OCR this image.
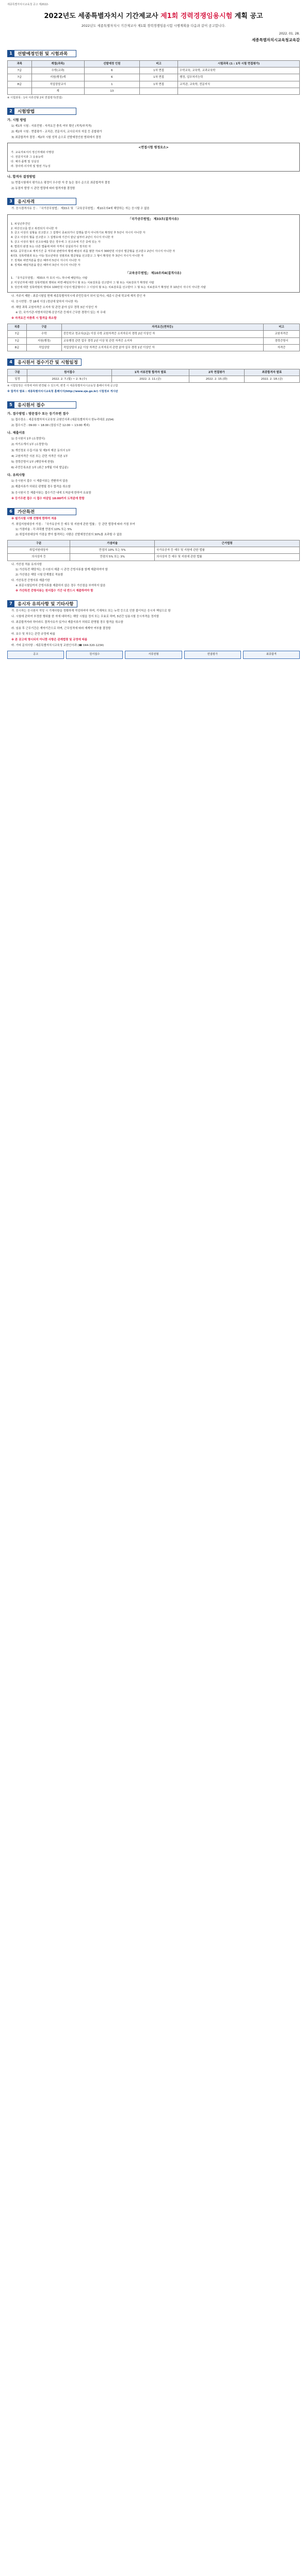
세종특별자치시교육청 공고 제2022-
2022년도 세종특별자치시 기간제교사 제1회 경력경쟁임용시험 계획 공고
2022년도 세종특별자치시 기간제교사 제1회 경력경쟁임용시험 시행계획을 다음과 같이 공고합니다.
2022. 01. 28.
세종특별자치시교육청교육감
1	선발예정인원 및 시험과목
과목	계열(과목)	선발예정 인원	비고	시험과목 (1 : 1차 시험 면접평가)
7급	수학(교과)	6	1차 면접	수학교육, 교육학, 교과교육학
7급	지원(행정)계	6	1차 면접	행정, 업무처리능력
8급	직업상담교사	1	1차 면접	교직관, 교육학, 전문지식
	계	13		
※ 시험과목 : 1차 서류전형 2차 면접평가(면접)
2	시험방법
가. 시험 방법
1) 제1차 시험 : 서류전형 - 자격요건 충족 여부 확인 (적격/부적격)
2) 제2차 시험 : 면접평가 - 교직관, 전문지식, 교사로서의 자질 등 종합평가
3) 최종합격자 결정 : 제2차 시험 성적 순으로 선발예정인원 범위에서 결정
<면접시험 평정요소>
가. 교육자로서의 정신자세와 사명감
나. 전문지식과 그 응용능력
다. 예의·품행 및 성실성
라. 창의력·의지력 및 발전 가능성
나. 합격자 결정방법
1) 면접시험에서 평가요소 평정이 우수한 자 중 높은 점수 순으로 최종합격자 결정
2) 동점자 발생 시 관련 법령에 따라 합격자를 결정함
3	응시자격
가. 응시결격사유 등 : 「국가공무원법」 제33조 및 「교육공무원법」 제10조의4에 해당하는 자는 응시할 수 없음
「국가공무원법」 제33조(결격사유)
1. 피성년후견인
2. 파산선고를 받고 복권되지 아니한 자
3. 금고 이상의 실형을 선고받고 그 집행이 종료되거나 집행을 받지 아니하기로 확정된 후 5년이 지나지 아니한 자
4. 금고 이상의 형을 선고받고 그 집행유예 기간이 끝난 날부터 2년이 지나지 아니한 자
5. 금고 이상의 형의 선고유예를 받은 경우에 그 선고유예 기간 중에 있는 자
6. 법원의 판결 또는 다른 법률에 따라 자격이 상실되거나 정지된 자
6의2. 공무원으로 재직기간 중 직무와 관련하여 횡령·배임의 죄를 범한 자로서 300만원 이상의 벌금형을 선고받고 2년이 지나지 아니한 자
6의3. 성폭력범죄 또는 아동·청소년대상 성범죄로 벌금형을 선고받고 그 형이 확정된 후 3년이 지나지 아니한 자
7. 징계로 파면처분을 받은 때부터 5년이 지나지 아니한 자
8. 징계로 해임처분을 받은 때부터 3년이 지나지 아니한 자
「교육공무원법」 제10조의4(결격사유)
1. 「국가공무원법」 제33조 각 호의 어느 하나에 해당하는 사람
2. 미성년자에 대한 성폭력범죄 행위로 파면·해임되거나 형 또는 치료감호를 선고받아 그 형 또는 치료감호가 확정된 사람
3. 성인에 대한 성폭력범죄 행위로 100만원 이상의 벌금형이나 그 이상의 형 또는 치료감호를 선고받아 그 형 또는 치료감호가 확정된 후 10년이 지나지 아니한 사람
나. 거주지 제한 : 최종시험일 현재 세종특별자치시에 주민등록이 되어 있거나, 세종시 관내 학교에 재직 중인 자
다. 응시연령 : 만 18세 이상 (정년에 달하지 아니한 자)
라. 해당 과목 교원자격증 소지자 및 관련 분야 실무 경력 3년 이상인 자
※ 단, 국가기관·지방자치단체·공공기관 등에서 근무한 경력이 있는 자 우대
※ 자격요건 미충족 시 합격을 취소함
직종	구분	자격요건(면허등)	비고
7급	수학	중등학교 정교사(2급) 이상 수학 교원자격증 소지자로서 경력 2년 이상인 자	교원자격증
7급	지원(행정)	교육행정 관련 업무 경력 2년 이상 및 관련 자격증 소지자	경력증명서
8급	직업상담	직업상담사 2급 이상 자격증 소지자로서 관련 분야 실무 경력 1년 이상인 자	자격증
4	응시원서 접수기간 및 시험일정
구분	원서접수	1차 서류전형 합격자 발표	2차 면접평가	최종합격자 발표
일정	2022. 2. 7.(월) ~ 2. 9.(수)	2022. 2. 11.(금)	2022. 2. 15.(화)	2022. 2. 18.(금)
※ 시험일정은 사정에 따라 변경될 수 있으며, 변경 시 세종특별자치시교육청 홈페이지에 공고함
※ 합격자 발표 : 세종특별자치시교육청 홈페이지(http://www.sje.go.kr) 시험정보 게시판
5	응시원서 접수
가. 접수방법 : 방문접수 또는 등기우편 접수
1) 접수장소 : 세종특별자치시교육청 교원인사과 (세종특별자치시 한누리대로 2154)
2) 접수시간 : 09:00 ~ 18:00 (점심시간 12:00 ~ 13:00 제외)
나. 제출서류
1) 응시원서 1부 (소정양식)
2) 자기소개서 1부 (소정양식)
3) 개인정보 수집·이용 및 제3자 제공 동의서 1부
4) 교원자격증 사본 또는 관련 자격증 사본 1부
5) 경력증명서 1부 (해당자에 한함)
6) 주민등록초본 1부 (최근 3개월 이내 발급분)
다. 유의사항
1) 응시원서 접수 시 제출서류는 반환하지 않음
2) 제출서류가 허위로 판명될 경우 합격을 취소함
3) 응시원서 등 제출서류는 접수기간 내에 도착분에 한하여 유효함
※ 등기우편 접수 시 접수 마감일 18:00까지 도착분에 한함
6	가산특전
※ 필기시험 시행 전형에 한하여 적용
가. 취업지원대상자 가점 : 「국가유공자 등 예우 및 지원에 관한 법률」 등 관련 법령에 따라 가점 부여
1) 가점비율 : 각 과목별 만점의 10% 또는 5%
2) 취업지원대상자 가점을 받아 합격하는 사람은 선발예정인원의 30%를 초과할 수 없음
구분	가점비율	근거법령
취업지원대상자	만점의 10% 또는 5%	국가유공자 등 예우 및 지원에 관한 법률
의사상자 등	만점의 5% 또는 3%	의사상자 등 예우 및 지원에 관한 법률
나. 가산점 적용 유의사항
1) 가산특전 해당자는 응시원서 제출 시 관련 증빙서류를 함께 제출하여야 함
2) 가산점은 해당 시험 단계별로 적용함
다. 가산특전 증명서류 제출기한
※ 최종시험일까지 증빙서류를 제출하지 않은 경우 가산점을 부여하지 않음
※ 가산특전 증명서류는 원서접수 기간 내 반드시 제출하여야 함
7	응시자 유의사항 및 기타사항
가. 응시자는 응시원서 작성 시 기재사항을 정확하게 작성하여야 하며, 기재착오 또는 누락 등으로 인한 불이익은 응시자 책임으로 함
나. 시험에 관하여 부정한 행위를 한 자에 대하여는 해당 시험을 정지 또는 무효로 하며, 5년간 임용시험 응시자격을 정지함
다. 최종합격자라 하더라도 결격사유가 있거나 제출서류가 허위로 판명될 경우 합격을 취소함
라. 임용 후 근무기간은 계약기간으로 하며, 근무성적에 따라 재계약 여부를 결정함
마. 보수 및 처우는 관련 규정에 따름
※ 본 공고에 명시되지 아니한 사항은 관계법령 및 규정에 따름
바. 기타 문의사항 : 세종특별자치시교육청 교원인사과 (☎ 044-320-1234)
공고	원서접수	서류전형	면접평가	최종합격
